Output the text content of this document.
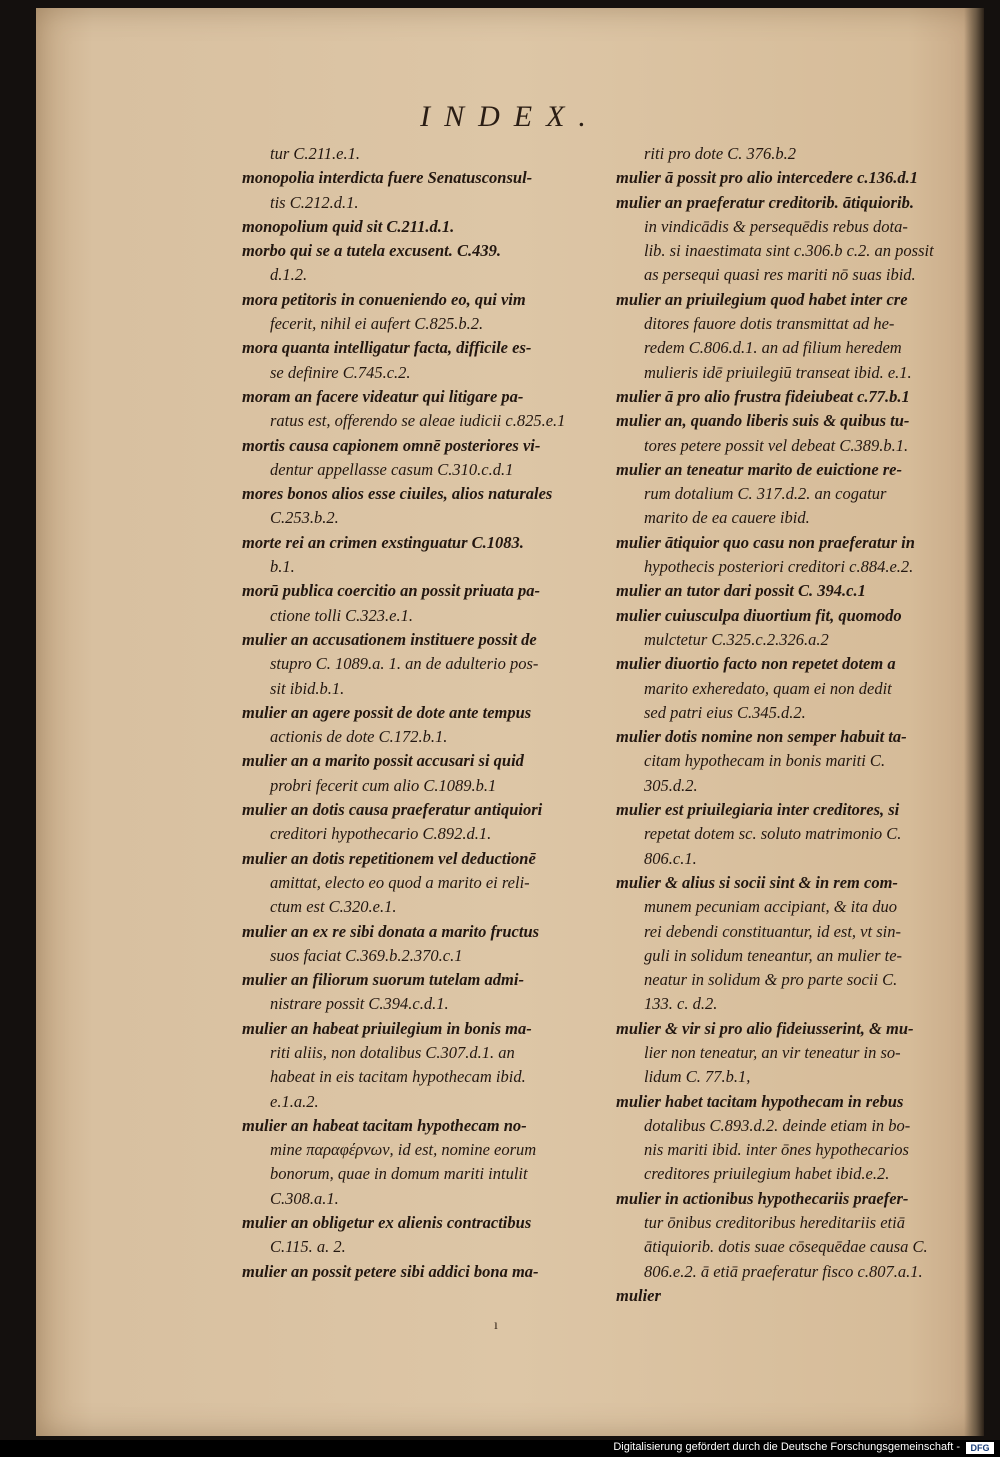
INDEX.
tur C.211.e.1.
monopolia interdicta fuere Senatusconsul-
tis C.212.d.1.
monopolium quid sit C.211.d.1.
morbo qui se a tutela excusent. C.439.
d.1.2.
mora petitoris in conueniendo eo, qui vim
fecerit, nihil ei aufert C.825.b.2.
mora quanta intelligatur facta, difficile es-
se definire C.745.c.2.
moram an facere videatur qui litigare pa-
ratus est, offerendo se aleae iudicii c.825.e.1
mortis causa capionem omnē posteriores vi-
dentur appellasse casum C.310.c.d.1
mores bonos alios esse ciuiles, alios naturales
C.253.b.2.
morte rei an crimen exstinguatur C.1083.
b.1.
morū publica coercitio an possit priuata pa-
ctione tolli C.323.e.1.
mulier an accusationem instituere possit de
stupro C. 1089.a. 1. an de adulterio pos-
sit ibid.b.1.
mulier an agere possit de dote ante tempus
actionis de dote C.172.b.1.
mulier an a marito possit accusari si quid
probri fecerit cum alio C.1089.b.1
mulier an dotis causa praeferatur antiquiori
creditori hypothecario C.892.d.1.
mulier an dotis repetitionem vel deductionē
amittat, electo eo quod a marito ei reli-
ctum est C.320.e.1.
mulier an ex re sibi donata a marito fructus
suos faciat C.369.b.2.370.c.1
mulier an filiorum suorum tutelam admi-
nistrare possit C.394.c.d.1.
mulier an habeat priuilegium in bonis ma-
riti aliis, non dotalibus C.307.d.1. an
habeat in eis tacitam hypothecam ibid.
e.1.a.2.
mulier an habeat tacitam hypothecam no-
mine παραφέρνων, id est, nomine eorum
bonorum, quae in domum mariti intulit
C.308.a.1.
mulier an obligetur ex alienis contractibus
C.115. a. 2.
mulier an possit petere sibi addici bona ma-
riti pro dote C. 376.b.2
mulier ā possit pro alio intercedere c.136.d.1
mulier an praeferatur creditorib. ātiquiorib.
in vindicādis & persequēdis rebus dota-
lib. si inaestimata sint c.306.b c.2. an possit
as persequi quasi res mariti nō suas ibid.
mulier an priuilegium quod habet inter cre
ditores fauore dotis transmittat ad he-
redem C.806.d.1. an ad filium heredem
mulieris idē priuilegiū transeat ibid. e.1.
mulier ā pro alio frustra fideiubeat c.77.b.1
mulier an, quando liberis suis & quibus tu-
tores petere possit vel debeat C.389.b.1.
mulier an teneatur marito de euictione re-
rum dotalium C. 317.d.2. an cogatur
marito de ea cauere ibid.
mulier ātiquior quo casu non praeferatur in
hypothecis posteriori creditori c.884.e.2.
mulier an tutor dari possit C. 394.c.1
mulier cuiusculpa diuortium fit, quomodo
mulctetur C.325.c.2.326.a.2
mulier diuortio facto non repetet dotem a
marito exheredato, quam ei non dedit
sed patri eius C.345.d.2.
mulier dotis nomine non semper habuit ta-
citam hypothecam in bonis mariti C.
305.d.2.
mulier est priuilegiaria inter creditores, si
repetat dotem sc. soluto matrimonio C.
806.c.1.
mulier & alius si socii sint & in rem com-
munem pecuniam accipiant, & ita duo
rei debendi constituantur, id est, vt sin-
guli in solidum teneantur, an mulier te-
neatur in solidum & pro parte socii C.
133. c. d.2.
mulier & vir si pro alio fideiusserint, & mu-
lier non teneatur, an vir teneatur in so-
lidum C. 77.b.1,
mulier habet tacitam hypothecam in rebus
dotalibus C.893.d.2. deinde etiam in bo-
nis mariti ibid. inter ōnes hypothecarios
creditores priuilegium habet ibid.e.2.
mulier in actionibus hypothecariis praefer-
tur ōnibus creditoribus hereditariis etiā
ātiquiorib. dotis suae cōsequēdae causa C.
806.e.2. ā etiā praeferatur fisco c.807.a.1.
mulier
ı
Digitalisierung gefördert durch die Deutsche Forschungsgemeinschaft -	DFG
